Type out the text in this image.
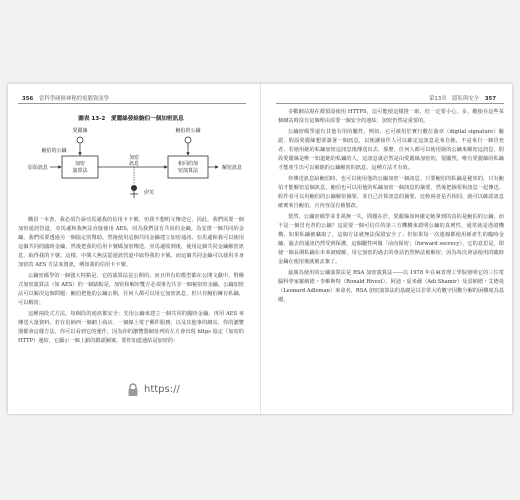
356 當科學碰撞神秘的電腦資訊學
圖表 13-2　愛麗絲發給鮑伯一個加密訊息
愛麗絲
鮑伯的公鑰
鮑伯的公鑰
加密演算法
和同的加密演算法
加密訊息
原始訊息	解密訊息
伊芙

購買一本書，我必須告訴亞馬遜我的信用卡卡號，但我不想明文傳送它，因此，我們需要一個加密通訊管道，亞馬遜和我無法直接使用 AES，因為我們沒有共同的金鑰。為安排一個共同的金鑰，我們需要透過另一個協定的幫助。然後使用這個共同金鑰建立加密通訊，亞馬遜和我可以使用這個共同的臨時金鑰，然後把我的信用卡號碼加密傳送。亞馬遜收到後，使用這個共同金鑰解密訊息，取得我的卡號。這樣，中間人無法從通訊管道中取得我的卡號。而這個共同金鑰可以使用本身加密的 AES 方法來資訊，例如我的信用卡卡號。

公鑰密碼學的一個強大特點是，它的演算法是公開的，而且所有的模型都在公開文獻中。對稱式加密演算法（如 AES）的一個缺點是，加密和解密雙方必須事先共享一個秘密的金鑰。公鑰加密法可以解決這個問題：鮑伯把他的公鑰公開，任何人都可以用它加密訊息，但只有鮑伯擁有私鑰，可以解密。

這種兩段式方法，每個段的通訊都安全：先用公鑰來建立一個共同的臨時金鑰，再用 AES 來傳送大量資料。若在伯納西一個網上商店、一個線上電子郵件服務，以及其他事的網站，你的瀏覽器都會這樣方法，你可以看到它的運作，因為你的瀏覽器網址列的左方會出現 https 協定（加密的 HTTP）連結，它顯示一個上鎖的鎖頭圖案，要你知道連結是加密的：

https://
第13章　隱私與安全 357

多數網站現在都預設使用 HTTPS，這可能使這樣推一取，但一定要小心，多，縱使在這些某個網站時沒有這個理由需要一個安全的連結，加密仍然是重要的。

公鑰密碼學還有其他有用的屬性，例如，它可被用於實行數位簽章（digital signature）驗證，假設愛麗絲想要簽署一個訊息，以便讓接件人可以確定這訊息是來自她，不是來自一個冒充者，若她用她的私鑰加密這訊息後傳送出去，那麼，任何人都可以使用她的公鑰來解密這訊息，假設愛麗絲是唯一知道她的私鑰的人，這訊息就必然是由愛麗絲加密的，很顯然，唯有愛麗絲的私鑰才能產生出可以被她的公鑰解密的訊息，這種方法才有效。

你傳送訊息給鮑伯時，也可以使用他的公鑰加密一個訊息。只要鮑伯的私鑰是秘密的，只有鮑伯才能解密這個訊息。鮑伯也可以用他的私鑰加密一個訊息的摘要，然後把摘要和訊息一起傳送。收件者可以用鮑伯的公鑰解密摘要，並自己計算訊息的摘要，比較兩者是否相同，就可以確認訊息確實來自鮑伯，且內容沒有被篡改。

當然，公鑰密碼學並非萬無一失，問題在於，愛麗絲如何確定她拿到的真的是鮑伯的公鑰，而不是一個冒充者的公鑰？這需要一個可信任的第三方機構來證明公鑰的真實性，通常就是憑證機構。如果私鑰被竊取了，這個方法就無法保證安全了；但如果每一次連線都使用新產生的臨時金鑰，過去的通訊仍然受到保護，這個屬性叫做「前向保密」（forward secrecy），它的意思是，即使一個長期私鑰在未來被破解，用它加密的過去的會話仍然無法被解密，因為每次會話使用的臨時金鑰在使用後就被丟棄了。

最廣為使用的公鑰演算法是 RSA 加密演算法——以 1978 年在麻省理工學院發明它的三位電腦科學家羅納德・李維斯特（Ronald Rivest）、阿迪・夏米爾（Adi Shamir）及雷納德・艾德曼（Leonard Adleman）來命名，RSA 加密演算法的基礎是以非常大的數字因數分解的困難度為基礎。
